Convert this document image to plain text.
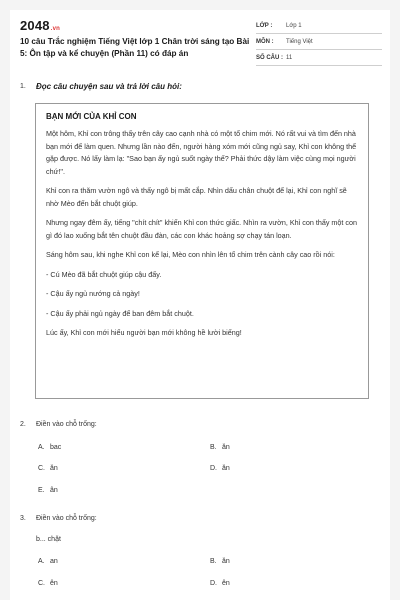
2048.vn
10 câu Trắc nghiệm Tiếng Việt lớp 1 Chân trời sáng tạo Bài 5: Ôn tập và kể chuyện (Phần 11) có đáp án
LỚP :	Lớp 1
MÔN :	Tiếng Việt
SỐ CÂU : 11
1. Đọc câu chuyện sau và trả lời câu hỏi:
BẠN MỚI CỦA KHỈ CON

Một hôm, Khỉ con trông thấy trên cây cao cạnh nhà có một tổ chim mới. Nó rất vui và tìm đến nhà bạn mới để làm quen. Nhưng lần nào đến, người hàng xóm mới cũng ngủ say, Khỉ con không thể gặp được. Nó lấy làm lạ: "Sao bạn ấy ngủ suốt ngày thế? Phải thức dậy làm việc cùng mọi người chứ!".

Khỉ con ra thăm vườn ngô và thấy ngô bị mất cắp. Nhìn dấu chân chuột để lại, Khỉ con nghĩ sẽ nhờ Mèo đến bắt chuột giúp.

Nhưng ngay đêm ấy, tiếng "chít chít" khiến Khỉ con thức giấc. Nhìn ra vườn, Khỉ con thấy một con gì đó lao xuống bắt tên chuột đầu đàn, các con khác hoảng sợ chạy tán loạn.

Sáng hôm sau, khi nghe Khỉ con kể lại, Mèo con nhìn lên tổ chim trên cành cây cao rồi nói:

- Cú Mèo đã bắt chuột giúp cậu đấy.

- Cậu ấy ngủ nướng cả ngày!

- Cậu ấy phải ngủ ngày để ban đêm bắt chuột.

Lúc ấy, Khỉ con mới hiểu người bạn mới không hề lười biếng!

2. Điền vào chỗ trống:
A. bac	B. ăn
C. ăn	D. ăn
E. ân
3. Điền vào chỗ trống:
b... chặt
A. an	B. ăn
C. ên	D. ên
